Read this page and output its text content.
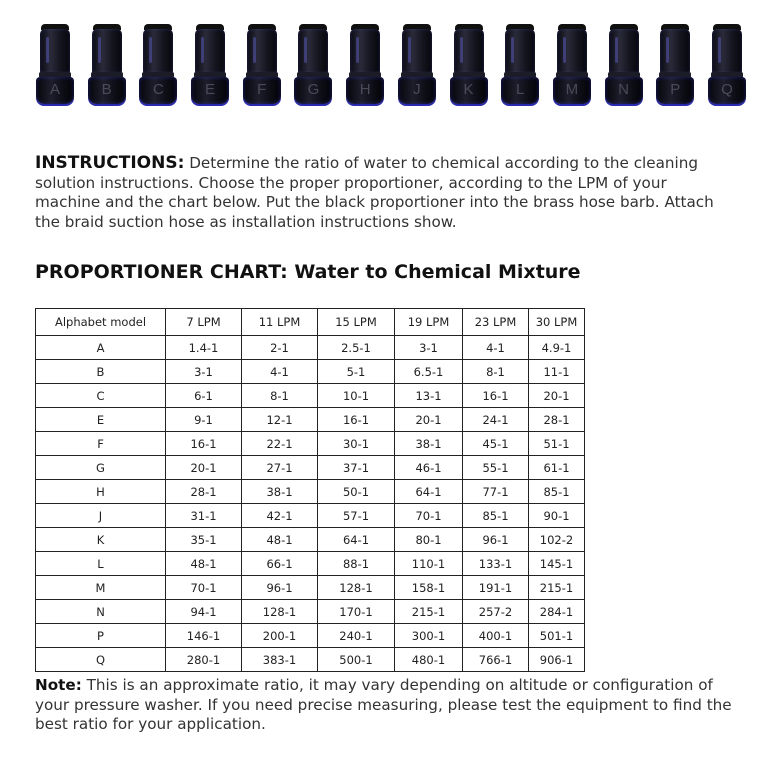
A	B	C	E	F	G	H	J	K	L	M	N	P	Q
INSTRUCTIONS: Determine the ratio of water to chemical according to the cleaning solution instructions. Choose the proper proportioner, according to the LPM of your machine and the chart below. Put the black proportioner into the brass hose barb. Attach the braid suction hose as installation instructions show.
PROPORTIONER CHART: Water to Chemical Mixture
Alphabet model	7 LPM	11 LPM	15 LPM	19 LPM	23 LPM	30 LPM
A	1.4-1	2-1	2.5-1	3-1	4-1	4.9-1
B	3-1	4-1	5-1	6.5-1	8-1	11-1
C	6-1	8-1	10-1	13-1	16-1	20-1
E	9-1	12-1	16-1	20-1	24-1	28-1
F	16-1	22-1	30-1	38-1	45-1	51-1
G	20-1	27-1	37-1	46-1	55-1	61-1
H	28-1	38-1	50-1	64-1	77-1	85-1
J	31-1	42-1	57-1	70-1	85-1	90-1
K	35-1	48-1	64-1	80-1	96-1	102-2
L	48-1	66-1	88-1	110-1	133-1	145-1
M	70-1	96-1	128-1	158-1	191-1	215-1
N	94-1	128-1	170-1	215-1	257-2	284-1
P	146-1	200-1	240-1	300-1	400-1	501-1
Q	280-1	383-1	500-1	480-1	766-1	906-1
Note: This is an approximate ratio, it may vary depending on altitude or configuration of your pressure washer. If you need precise measuring, please test the equipment to find the best ratio for your application.
